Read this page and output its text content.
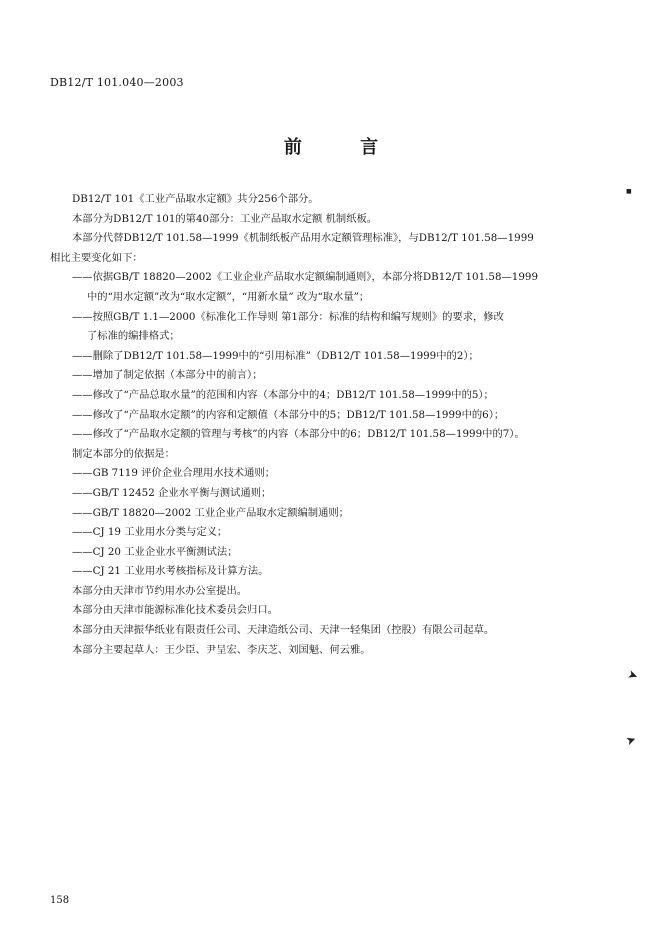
DB12/T 101.040—2003
前 言
DB12/T 101《工业产品取水定额》共分256个部分。
本部分为DB12/T 101的第40部分：工业产品取水定额 机制纸板。
本部分代替DB12/T 101.58—1999《机制纸板产品用水定额管理标准》，与DB12/T 101.58—1999
相比主要变化如下：
——依据GB/T 18820—2002《工业企业产品取水定额编制通则》，本部分将DB12/T 101.58—1999
中的“用水定额”改为“取水定额”，“用新水量” 改为“取水量”；
——按照GB/T 1.1—2000《标准化工作导则 第1部分：标准的结构和编写规则》的要求，修改
了标准的编排格式；
——删除了DB12/T 101.58—1999中的“引用标准”（DB12/T 101.58—1999中的2）；
——增加了制定依据（本部分中的前言）；
——修改了“产品总取水量”的范围和内容（本部分中的4；DB12/T 101.58—1999中的5）；
——修改了“产品取水定额”的内容和定额值（本部分中的5；DB12/T 101.58—1999中的6）；
——修改了“产品取水定额的管理与考核”的内容（本部分中的6；DB12/T 101.58—1999中的7）。
制定本部分的依据是：
——GB 7119 评价企业合理用水技术通则；
——GB/T 12452 企业水平衡与测试通则；
——GB/T 18820—2002 工业企业产品取水定额编制通则；
——CJ 19 工业用水分类与定义；
——CJ 20 工业企业水平衡测试法；
——CJ 21 工业用水考核指标及计算方法。
本部分由天津市节约用水办公室提出。
本部分由天津市能源标准化技术委员会归口。
本部分由天津振华纸业有限责任公司、天津造纸公司、天津一轻集团（控股）有限公司起草。
本部分主要起草人：王少臣、尹呈宏、李庆芝、刘国魁、何云雅。
158
■
➤
➤
